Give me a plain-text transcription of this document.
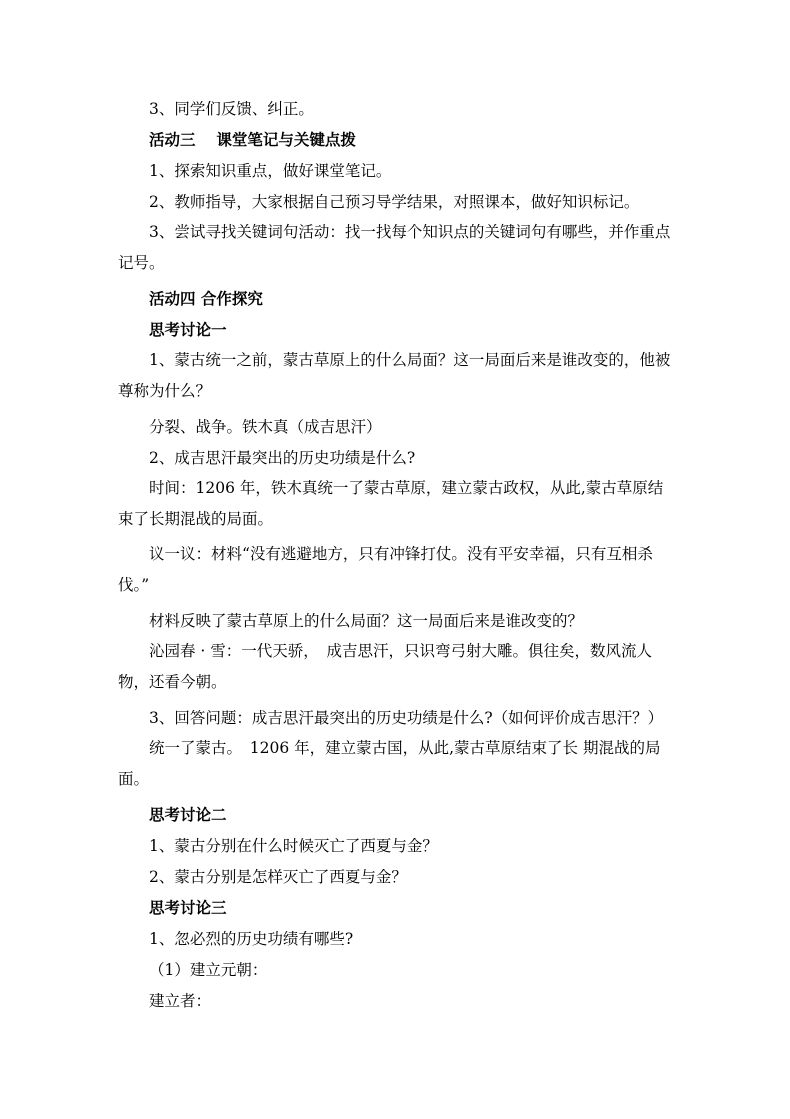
3、同学们反馈、纠正。

活动三　 课堂笔记与关键点拨

1、探索知识重点，做好课堂笔记。

2、教师指导，大家根据自己预习导学结果，对照课本，做好知识标记。

3、尝试寻找关键词句活动：找一找每个知识点的关键词句有哪些，并作重点记号。

活动四 合作探究

思考讨论一

1、蒙古统一之前，蒙古草原上的什么局面？这一局面后来是谁改变的，他被尊称为什么？

分裂、战争。铁木真（成吉思汗）

2、成吉思汗最突出的历史功绩是什么?

时间：1206 年，铁木真统一了蒙古草原，建立蒙古政权，从此,蒙古草原结束了长期混战的局面。

议一议：材料“没有逃避地方，只有冲锋打仗。没有平安幸福，只有互相杀伐。”

材料反映了蒙古草原上的什么局面？这一局面后来是谁改变的？

沁园春 · 雪：一代天骄，　成吉思汗，只识弯弓射大雕。俱往矣，数风流人物，还看今朝。

3、回答问题：成吉思汗最突出的历史功绩是什么?（如何评价成吉思汗？）

统一了蒙古。　1206 年，建立蒙古国，从此,蒙古草原结束了长 期混战的局面。

思考讨论二

1、蒙古分别在什么时候灭亡了西夏与金？

2、蒙古分别是怎样灭亡了西夏与金？

思考讨论三

1、忽必烈的历史功绩有哪些?

（1）建立元朝：

建立者：
